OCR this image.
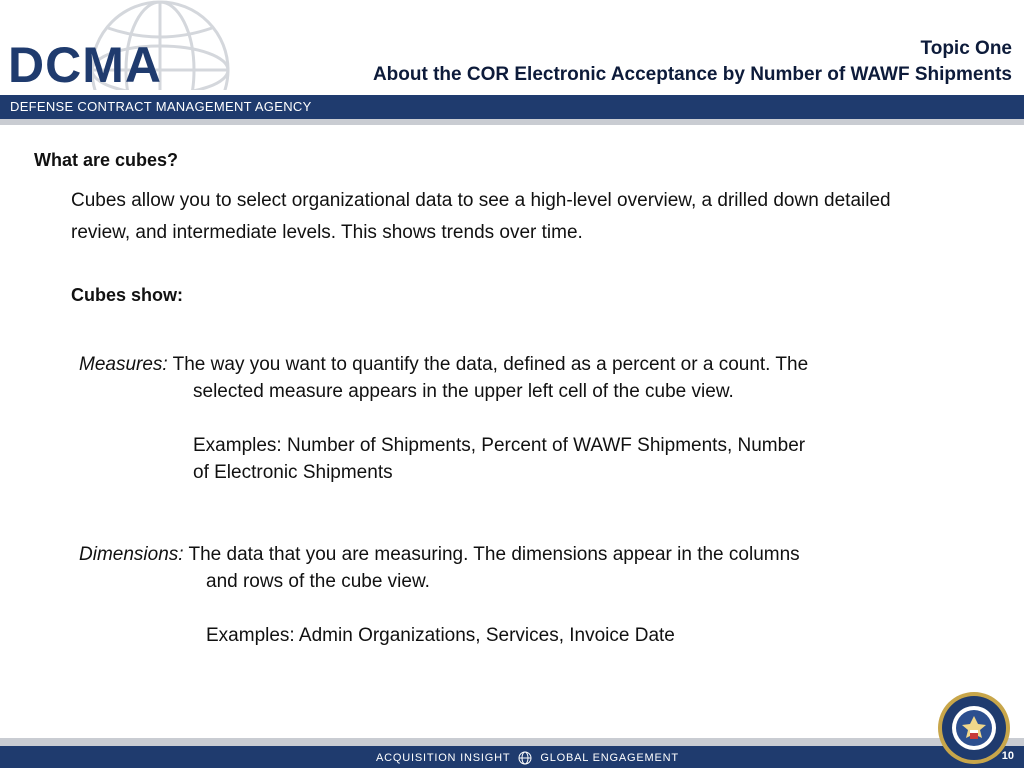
DCMA	Topic One
About the COR Electronic Acceptance by Number of WAWF Shipments
DEFENSE CONTRACT MANAGEMENT AGENCY
What are cubes?
Cubes allow you to select organizational data to see a high-level overview, a drilled down detailed review, and intermediate levels. This shows trends over time.
Cubes show:
Measures: The way you want to quantify the data, defined as a percent or a count. The
selected measure appears in the upper left cell of the cube view.
Examples: Number of Shipments, Percent of WAWF Shipments, Number
of Electronic Shipments
Dimensions: The data that you are measuring. The dimensions appear in the columns
and rows of the cube view.
Examples: Admin Organizations, Services, Invoice Date
ACQUISITION INSIGHT	GLOBAL ENGAGEMENT	10
